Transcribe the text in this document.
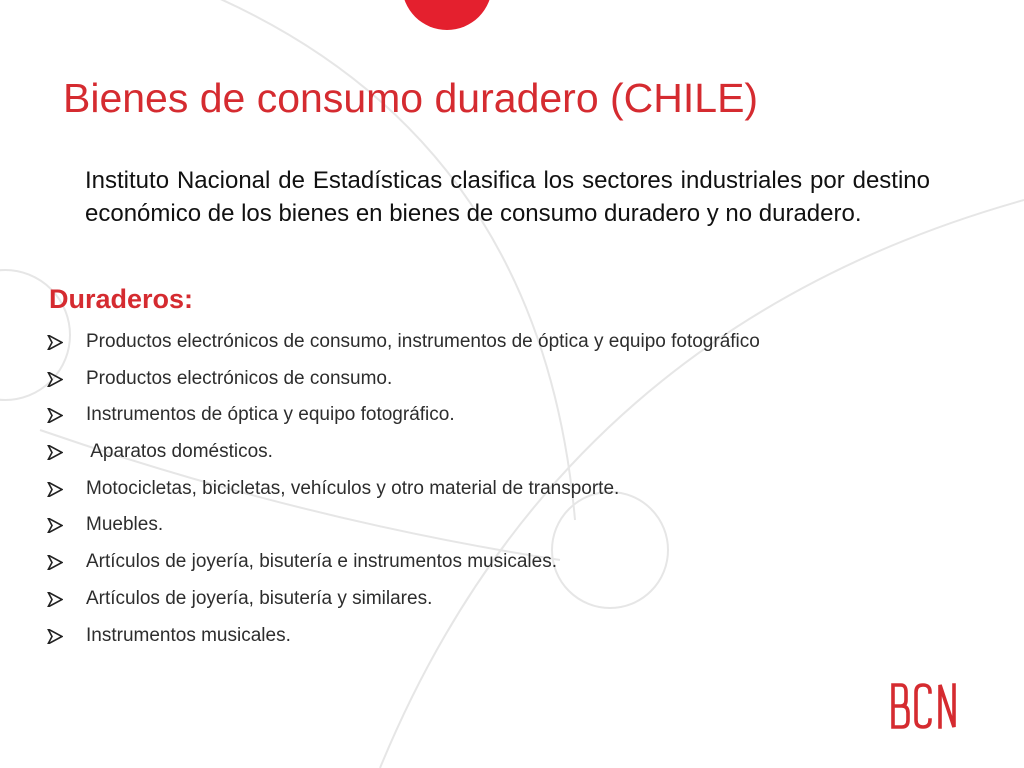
Bienes de consumo duradero (CHILE)

Instituto Nacional de Estadísticas clasifica los sectores industriales por destino económico de los bienes en bienes de consumo duradero y no duradero.

Duraderos:
Productos electrónicos de consumo, instrumentos de óptica y equipo fotográfico
Productos electrónicos de consumo.
Instrumentos de óptica y equipo fotográfico.
Aparatos domésticos.
Motocicletas, bicicletas, vehículos y otro material de transporte.
Muebles.
Artículos de joyería, bisutería e instrumentos musicales.
Artículos de joyería, bisutería y similares.
Instrumentos musicales.
